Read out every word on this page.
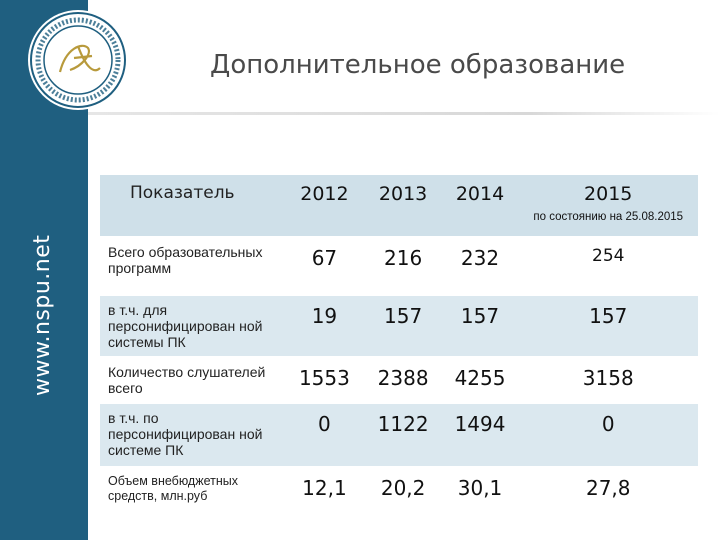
www.nspu.net
Дополнительное образование
Показатель	2012	2013	2014	2015
по состоянию на 25.08.2015

Всего образовательных программ	67	216	232	254
в т.ч. для персонифицирован ной системы ПК	19	157	157	157
Количество слушателей всего	1553	2388	4255	3158
в т.ч. по персонифицирован ной системе ПК	0	1122	1494	0
Объем внебюджетных средств, млн.руб	12,1	20,2	30,1	27,8
